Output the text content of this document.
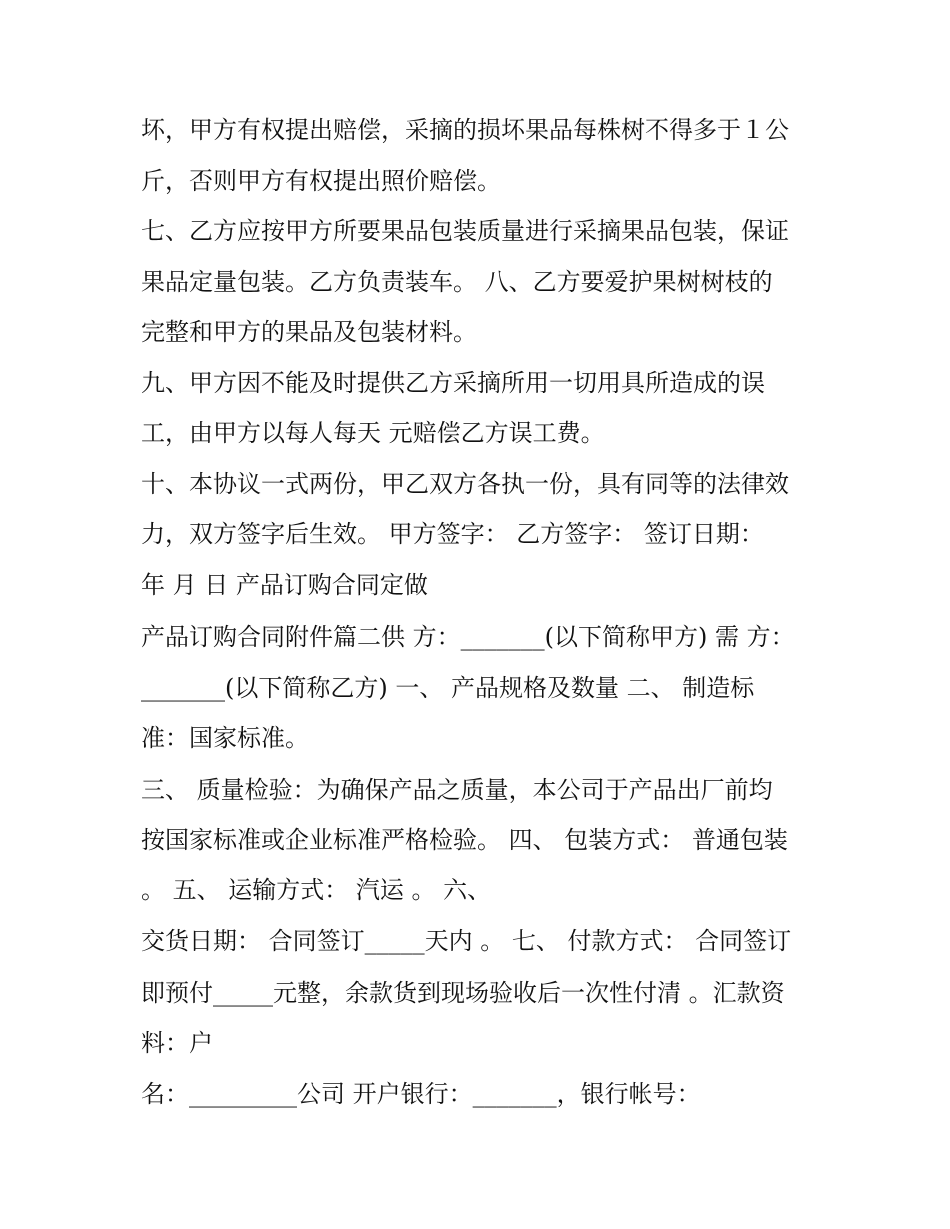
坏，甲方有权提出赔偿，采摘的损坏果品每株树不得多于１公
斤，否则甲方有权提出照价赔偿。
七、乙方应按甲方所要果品包装质量进行采摘果品包装，保证
果品定量包装。乙方负责装车。 八、乙方要爱护果树树枝的
完整和甲方的果品及包装材料。
九、甲方因不能及时提供乙方采摘所用一切用具所造成的误
工，由甲方以每人每天 元赔偿乙方误工费。
十、本协议一式两份，甲乙双方各执一份，具有同等的法律效
力，双方签字后生效。 甲方签字： 乙方签字： 签订日期：
年 月 日 产品订购合同定做
产品订购合同附件篇二供 方：_______(以下简称甲方) 需 方：
_______(以下简称乙方) 一、 产品规格及数量 二、 制造标
准：国家标准。
三、 质量检验：为确保产品之质量，本公司于产品出厂前均
按国家标准或企业标准严格检验。 四、 包装方式： 普通包装
。 五、 运输方式： 汽运 。 六、
交货日期： 合同签订_____天内 。 七、 付款方式： 合同签订
即预付_____元整，余款货到现场验收后一次性付清 。汇款资
料：户
名：_________公司 开户银行：_______，银行帐号：
